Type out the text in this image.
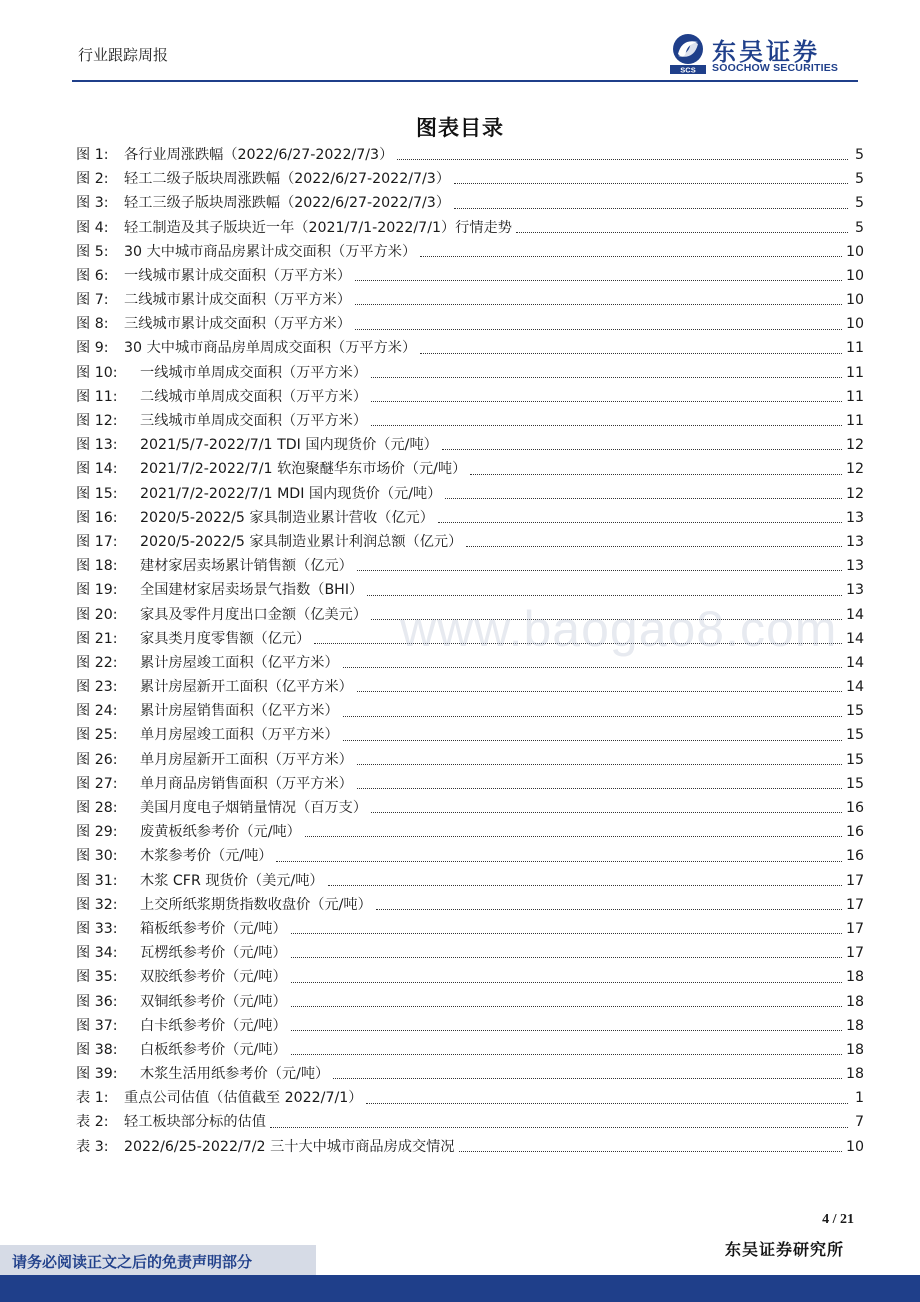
行业跟踪周报
SCS
东吴证券
SOOCHOW SECURITIES
图表目录
图 1: 各行业周涨跌幅（2022/6/27-2022/7/3）	5
图 2: 轻工二级子版块周涨跌幅（2022/6/27-2022/7/3）	5
图 3: 轻工三级子版块周涨跌幅（2022/6/27-2022/7/3）	5
图 4: 轻工制造及其子版块近一年（2021/7/1-2022/7/1）行情走势	5
图 5: 30 大中城市商品房累计成交面积（万平方米）	10
图 6: 一线城市累计成交面积（万平方米）	10
图 7: 二线城市累计成交面积（万平方米）	10
图 8: 三线城市累计成交面积（万平方米）	10
图 9: 30 大中城市商品房单周成交面积（万平方米）	11
图 10: 一线城市单周成交面积（万平方米）	11
图 11: 二线城市单周成交面积（万平方米）	11
图 12: 三线城市单周成交面积（万平方米）	11
图 13: 2021/5/7-2022/7/1 TDI 国内现货价（元/吨）	12
图 14: 2021/7/2-2022/7/1 软泡聚醚华东市场价（元/吨）	12
图 15: 2021/7/2-2022/7/1 MDI 国内现货价（元/吨）	12
图 16: 2020/5-2022/5 家具制造业累计营收（亿元）	13
图 17: 2020/5-2022/5 家具制造业累计利润总额（亿元）	13
图 18: 建材家居卖场累计销售额（亿元）	13
图 19: 全国建材家居卖场景气指数（BHI）	13
图 20: 家具及零件月度出口金额（亿美元）	14
图 21: 家具类月度零售额（亿元）	14
图 22: 累计房屋竣工面积（亿平方米）	14
图 23: 累计房屋新开工面积（亿平方米）	14
图 24: 累计房屋销售面积（亿平方米）	15
图 25: 单月房屋竣工面积（万平方米）	15
图 26: 单月房屋新开工面积（万平方米）	15
图 27: 单月商品房销售面积（万平方米）	15
图 28: 美国月度电子烟销量情况（百万支）	16
图 29: 废黄板纸参考价（元/吨）	16
图 30: 木浆参考价（元/吨）	16
图 31: 木浆 CFR 现货价（美元/吨）	17
图 32: 上交所纸浆期货指数收盘价（元/吨）	17
图 33: 箱板纸参考价（元/吨）	17
图 34: 瓦楞纸参考价（元/吨）	17
图 35: 双胶纸参考价（元/吨）	18
图 36: 双铜纸参考价（元/吨）	18
图 37: 白卡纸参考价（元/吨）	18
图 38: 白板纸参考价（元/吨）	18
图 39: 木浆生活用纸参考价（元/吨）	18
表 1: 重点公司估值（估值截至 2022/7/1）	1
表 2: 轻工板块部分标的估值	7
表 3: 2022/6/25-2022/7/2 三十大中城市商品房成交情况	10
www.baogao8.com
4 / 21
东吴证券研究所
请务必阅读正文之后的免责声明部分
